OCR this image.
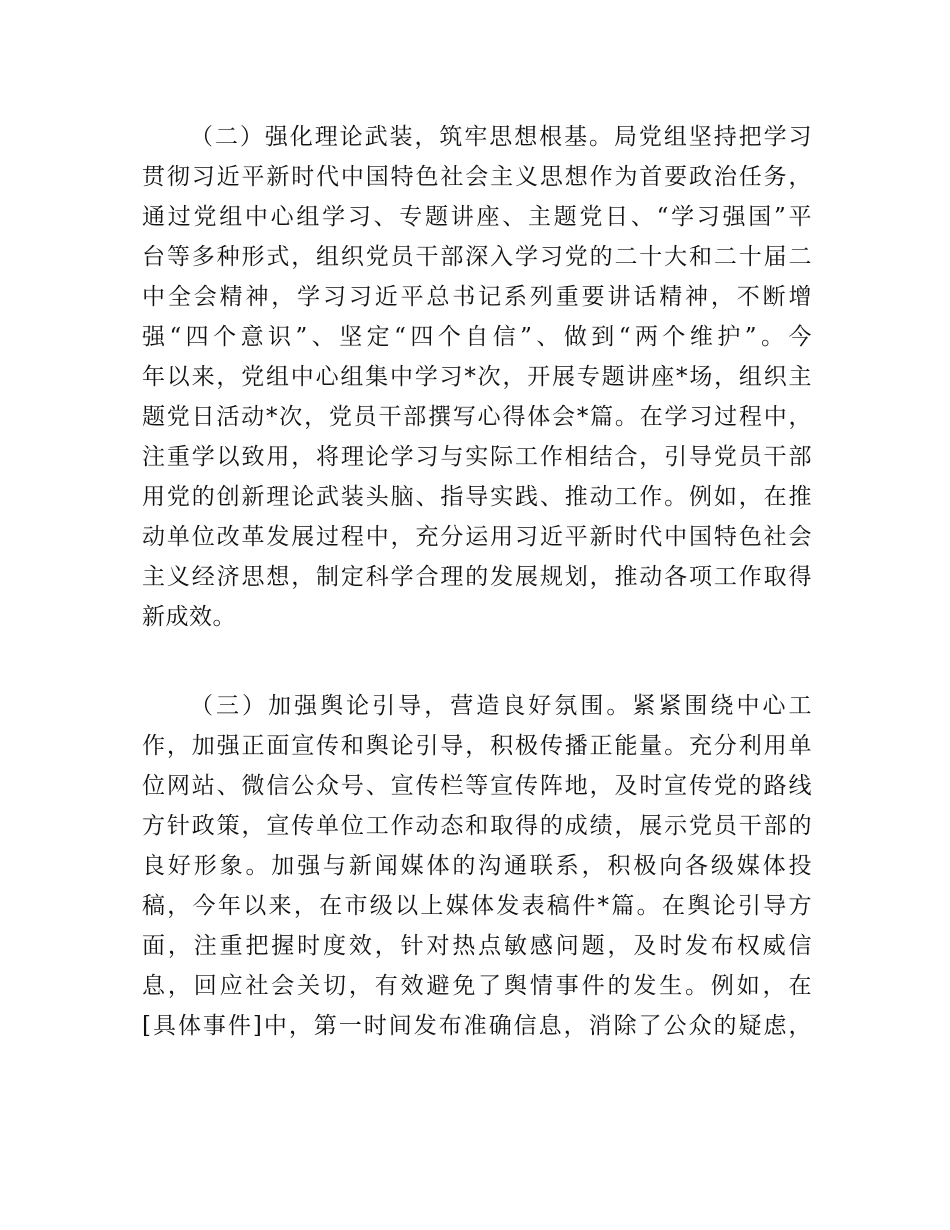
（二）强化理论武装，筑牢思想根基。局党组坚持把学习
贯彻习近平新时代中国特色社会主义思想作为首要政治任务，
通过党组中心组学习、专题讲座、主题党日、“学习强国”平
台等多种形式，组织党员干部深入学习党的二十大和二十届二
中全会精神，学习习近平总书记系列重要讲话精神，不断增
强“四个意识”、坚定“四个自信”、做到“两个维护”。今
年以来，党组中心组集中学习*次，开展专题讲座*场，组织主
题党日活动*次，党员干部撰写心得体会*篇。在学习过程中，
注重学以致用，将理论学习与实际工作相结合，引导党员干部
用党的创新理论武装头脑、指导实践、推动工作。例如，在推
动单位改革发展过程中，充分运用习近平新时代中国特色社会
主义经济思想，制定科学合理的发展规划，推动各项工作取得
新成效。
（三）加强舆论引导，营造良好氛围。紧紧围绕中心工
作，加强正面宣传和舆论引导，积极传播正能量。充分利用单
位网站、微信公众号、宣传栏等宣传阵地，及时宣传党的路线
方针政策，宣传单位工作动态和取得的成绩，展示党员干部的
良好形象。加强与新闻媒体的沟通联系，积极向各级媒体投
稿，今年以来，在市级以上媒体发表稿件*篇。在舆论引导方
面，注重把握时度效，针对热点敏感问题，及时发布权威信
息，回应社会关切，有效避免了舆情事件的发生。例如，在
[具体事件]中，第一时间发布准确信息，消除了公众的疑虑，
